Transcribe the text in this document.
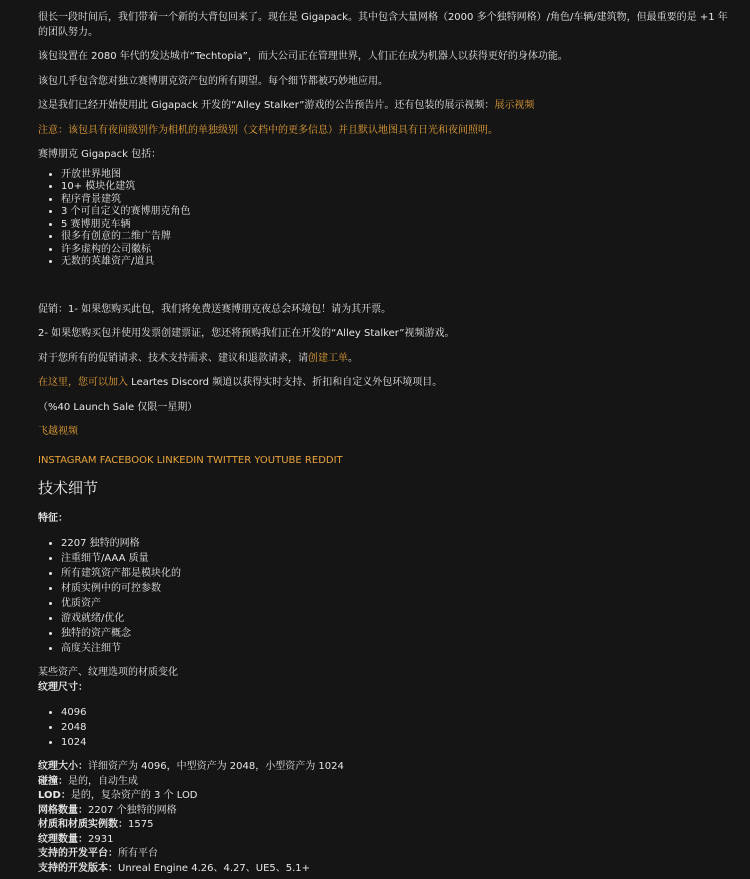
很长一段时间后，我们带着一个新的大背包回来了。现在是 Gigapack。其中包含大量网格（2000 多个独特网格）/角色/车辆/建筑物，但最重要的是 +1 年的团队努力。

该包设置在 2080 年代的发达城市“Techtopia”，而大公司正在管理世界，人们正在成为机器人以获得更好的身体功能。

该包几乎包含您对独立赛博朋克资产包的所有期望。每个细节都被巧妙地应用。

这是我们已经开始使用此 Gigapack 开发的“Alley Stalker”游戏的公告预告片。还有包装的展示视频：展示视频

注意：该包具有夜间级别作为相机的单独级别（文档中的更多信息）并且默认地图具有日光和夜间照明。

赛博朋克 Gigapack 包括：

• 开放世界地图
• 10+ 模块化建筑
• 程序背景建筑
• 3 个可自定义的赛博朋克角色
• 5 赛博朋克车辆
• 很多有创意的二维广告牌
• 许多虚构的公司徽标
• 无数的英雄资产/道具

促销：1- 如果您购买此包，我们将免费送赛博朋克夜总会环境包！请为其开票。

2- 如果您购买包并使用发票创建票证，您还将预购我们正在开发的“Alley Stalker”视频游戏。

对于您所有的促销请求、技术支持需求、建议和退款请求，请创建工单。

在这里，您可以加入 Leartes Discord 频道以获得实时支持、折扣和自定义外包环境项目。

（%40 Launch Sale 仅限一星期）

飞越视频

INSTAGRAM FACEBOOK LINKEDIN TWITTER YOUTUBE REDDIT

技术细节

特征：

• 2207 独特的网格
• 注重细节/AAA 质量
• 所有建筑资产都是模块化的
• 材质实例中的可控参数
• 优质资产
• 游戏就绪/优化
• 独特的资产概念
• 高度关注细节

某些资产、纹理选项的材质变化

纹理尺寸：

• 4096
• 2048
• 1024

纹理大小：详细资产为 4096，中型资产为 2048，小型资产为 1024

碰撞：是的，自动生成

LOD：是的，复杂资产的 3 个 LOD

网格数量：2207 个独特的网格

材质和材质实例数：1575

纹理数量：2931

支持的开发平台：所有平台

支持的开发版本：Unreal Engine 4.26、4.27、UE5、5.1+
